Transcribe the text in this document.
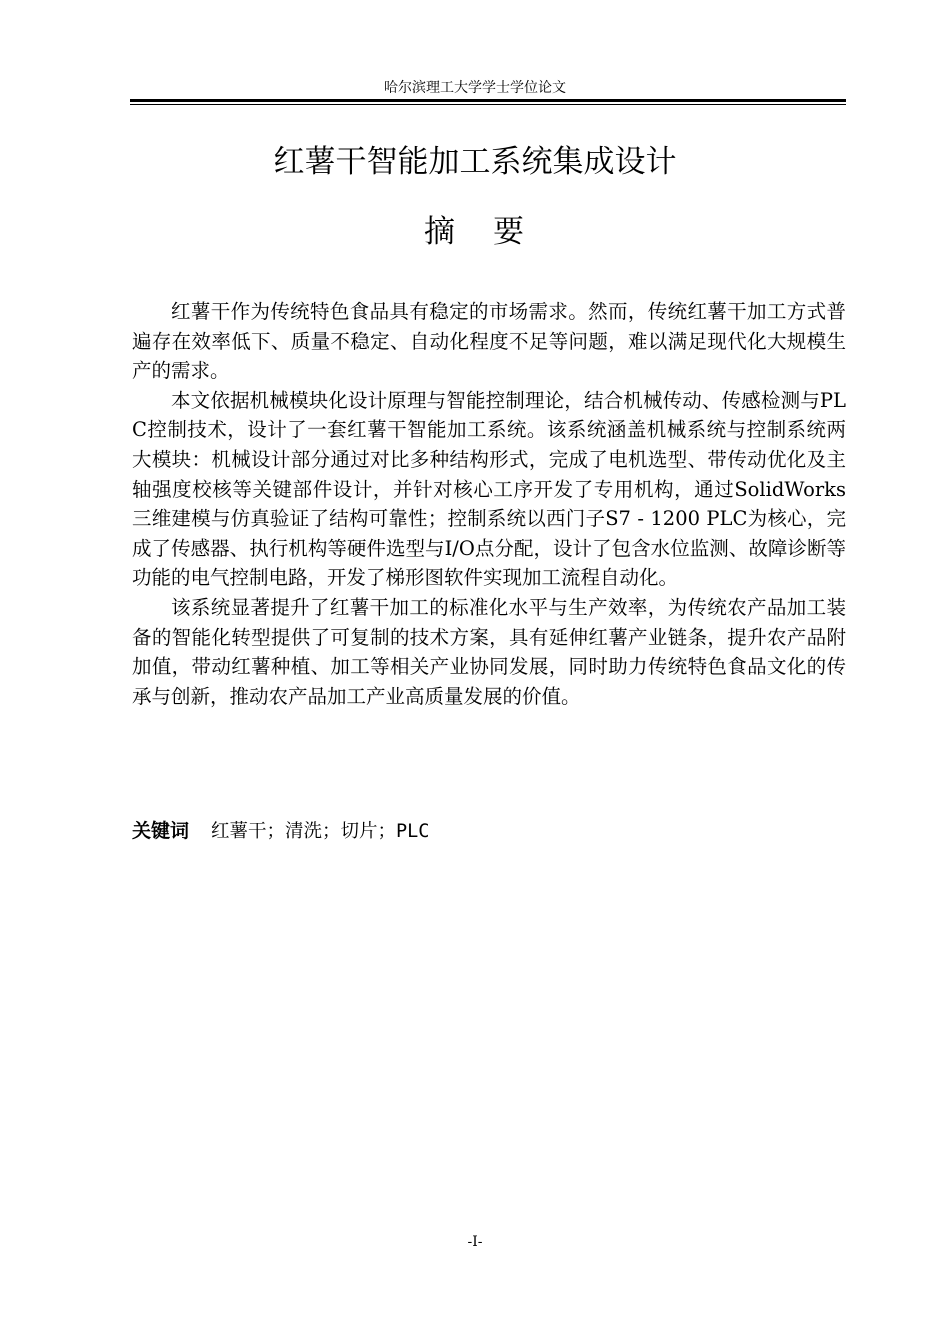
哈尔滨理工大学学士学位论文
红薯干智能加工系统集成设计
摘 要

红薯干作为传统特色食品具有稳定的市场需求。然而，传统红薯干加工方式普遍存在效率低下、质量不稳定、自动化程度不足等问题，难以满足现代化大规模生产的需求。

本文依据机械模块化设计原理与智能控制理论，结合机械传动、传感检测与PLC控制技术，设计了一套红薯干智能加工系统。该系统涵盖机械系统与控制系统两大模块：机械设计部分通过对比多种结构形式，完成了电机选型、带传动优化及主轴强度校核等关键部件设计，并针对核心工序开发了专用机构，通过SolidWorks三维建模与仿真验证了结构可靠性；控制系统以西门子S7 - 1200 PLC为核心，完成了传感器、执行机构等硬件选型与I/O点分配，设计了包含水位监测、故障诊断等功能的电气控制电路，开发了梯形图软件实现加工流程自动化。

该系统显著提升了红薯干加工的标准化水平与生产效率，为传统农产品加工装备的智能化转型提供了可复制的技术方案，具有延伸红薯产业链条，提升农产品附加值，带动红薯种植、加工等相关产业协同发展，同时助力传统特色食品文化的传承与创新，推动农产品加工产业高质量发展的价值。

关键词 红薯干；清洗；切片；PLC
-I-
